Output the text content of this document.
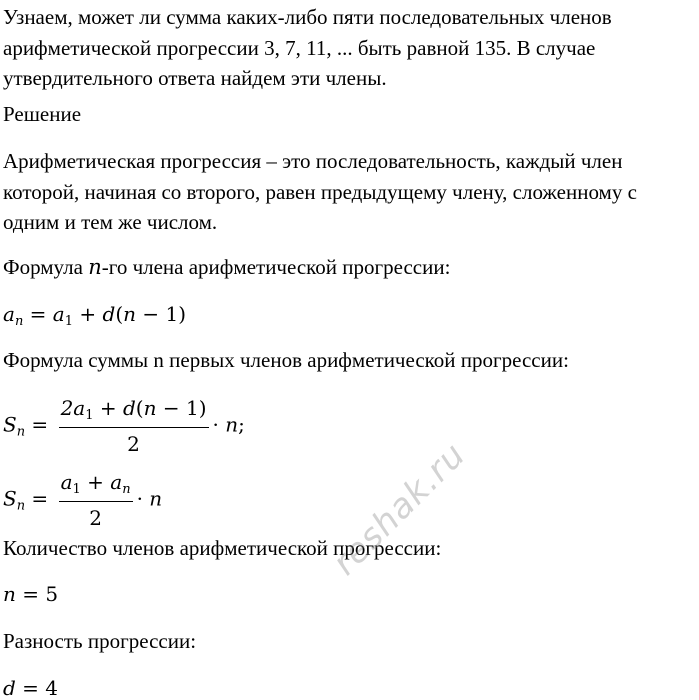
Узнаем, может ли сумма каких-либо пяти последовательных членов
арифметической прогрессии 3, 7, 11, ... быть равной 135. В случае
утвердительного ответа найдем эти члены.
Решение
Арифметическая прогрессия – это последовательность, каждый член
которой, начиная со второго, равен предыдущему члену, сложенному с
одним и тем же числом.
Формула n-го члена арифметической прогрессии:
$a_n = a_1 + d(n - 1)$
Формула суммы n первых членов арифметической прогрессии:
$S_n = \frac{2a_1 + d(n - 1)}{2} \cdot n$;
$S_n = \frac{a_1 + a_n}{2} \cdot n$
Количество членов арифметической прогрессии:
n = 5
Разность прогрессии:
d = 4
reshak.ru
